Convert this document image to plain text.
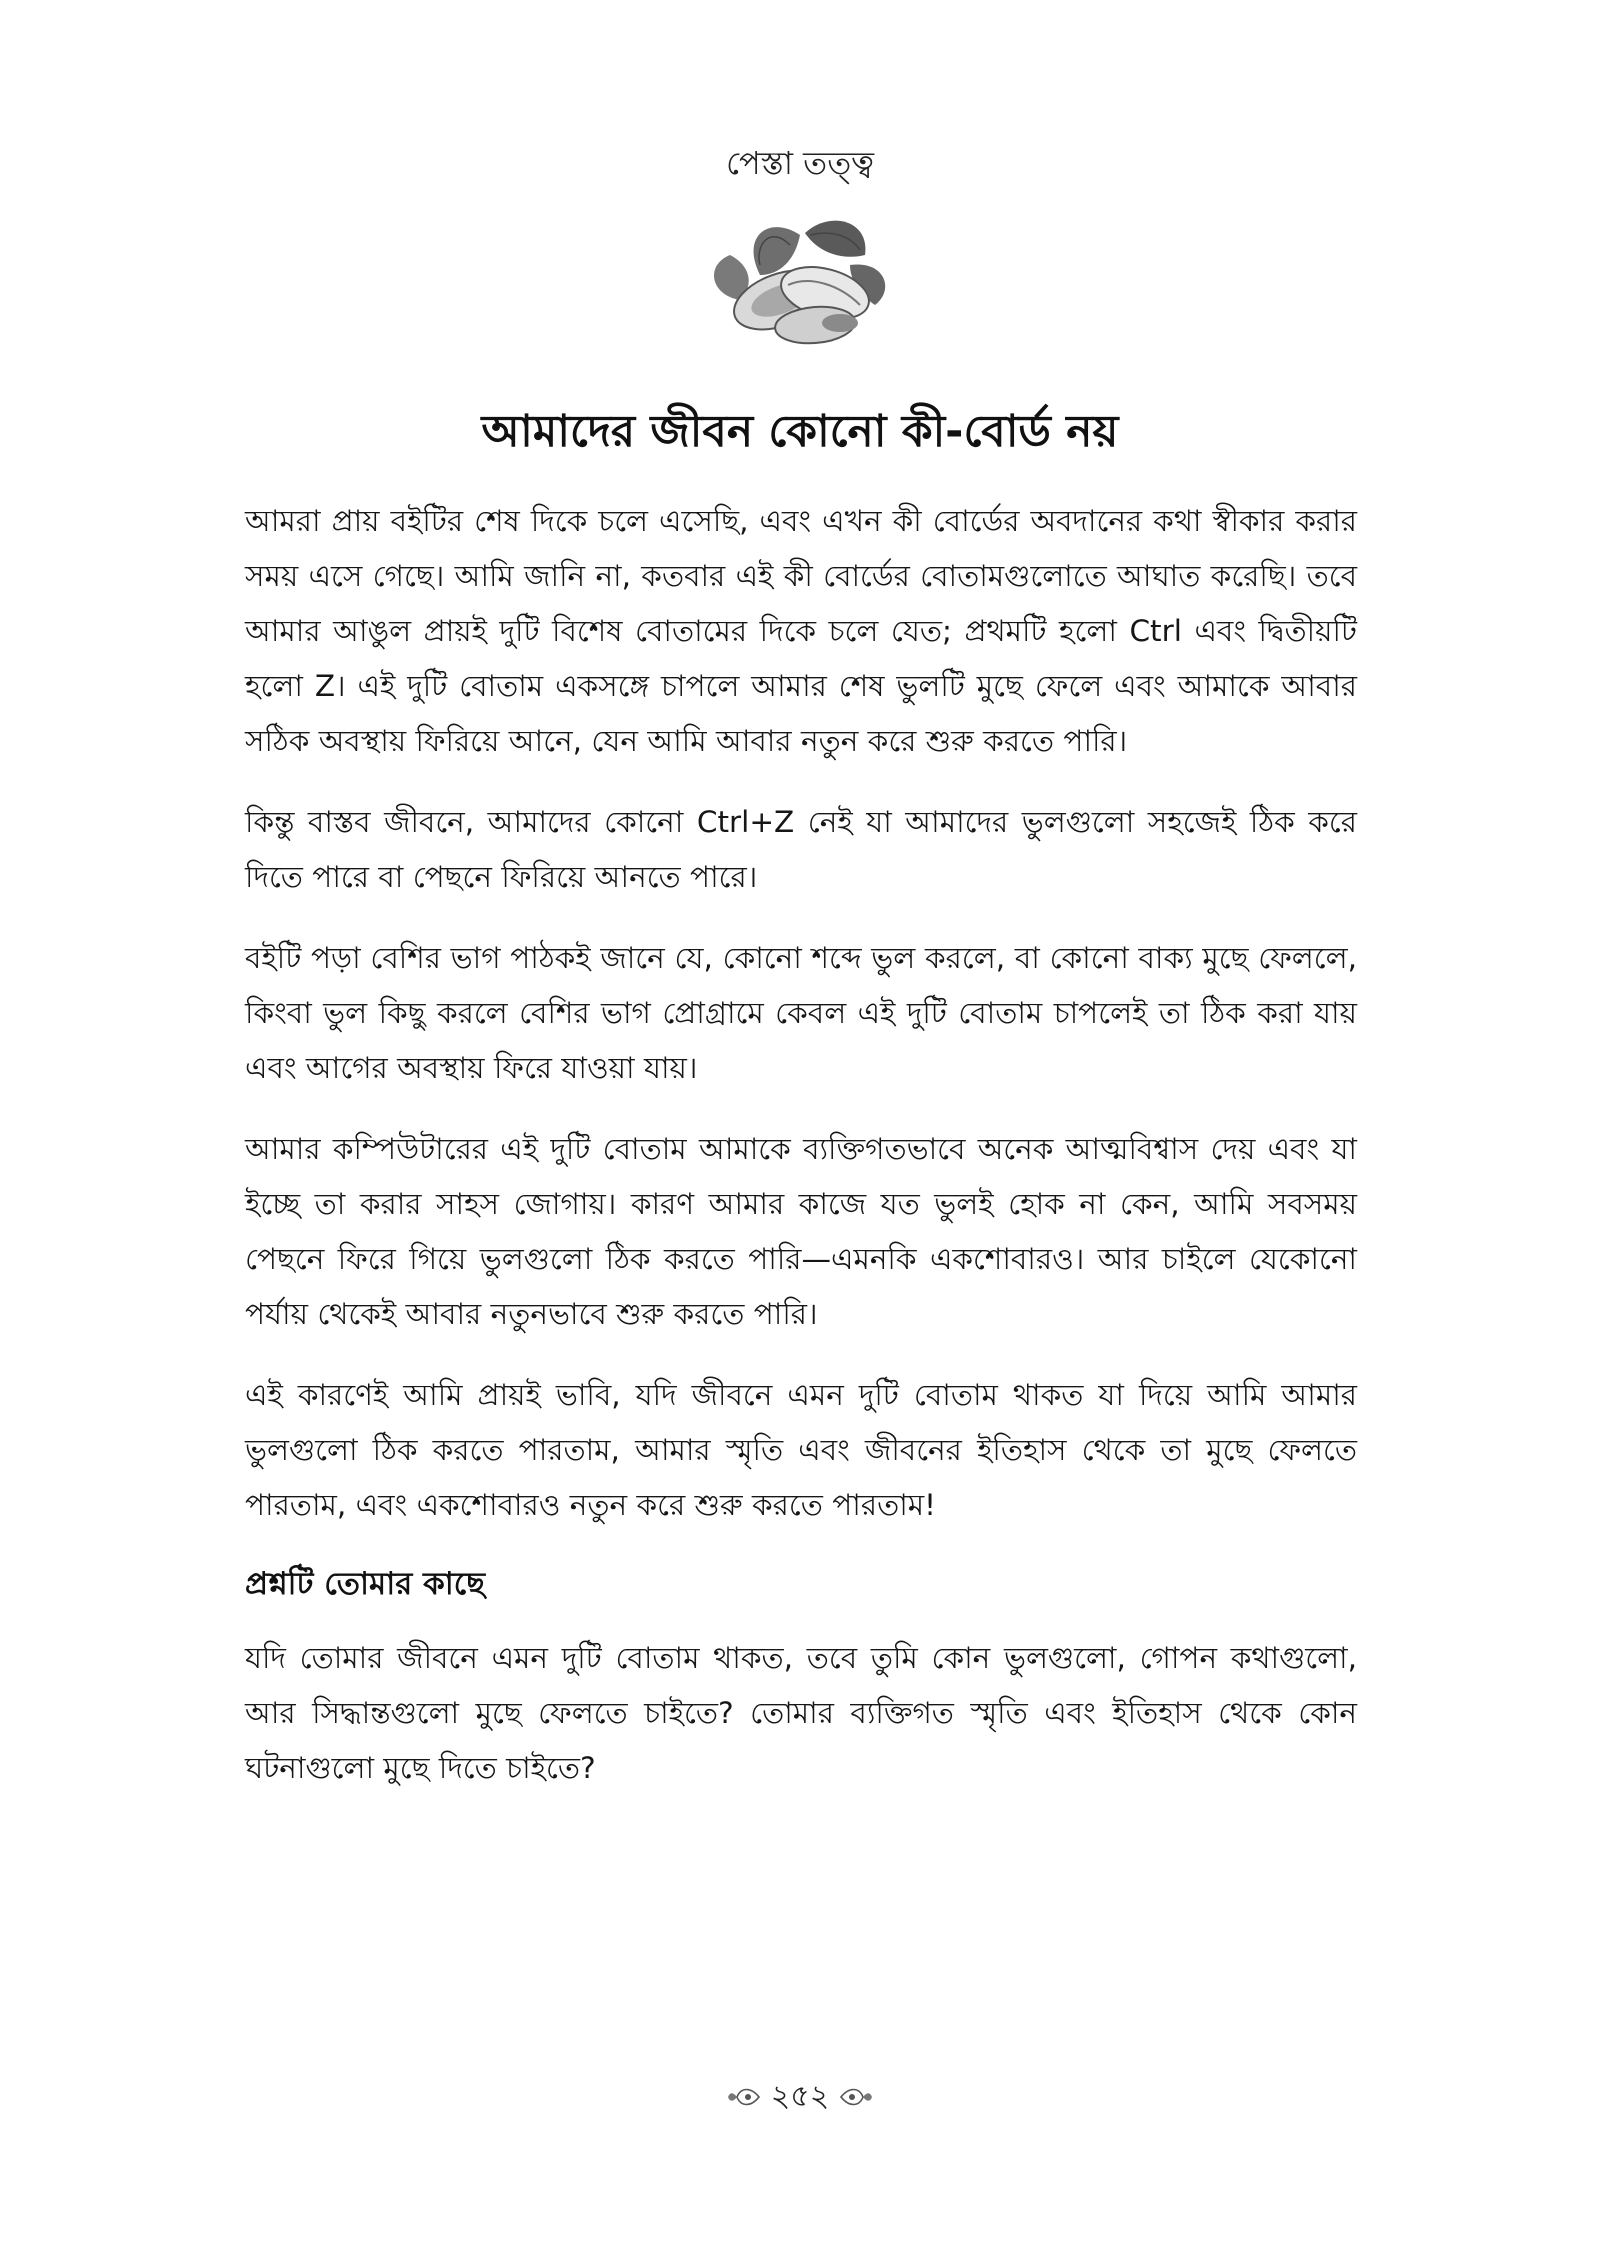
পেস্তা তত্ত্ব
আমাদের জীবন কোনো কী-বোর্ড নয়

আমরা প্রায় বইটির শেষ দিকে চলে এসেছি, এবং এখন কী বোর্ডের অবদানের কথা স্বীকার করার সময় এসে গেছে। আমি জানি না, কতবার এই কী বোর্ডের বোতামগুলোতে আঘাত করেছি। তবে আমার আঙুল প্রায়ই দুটি বিশেষ বোতামের দিকে চলে যেত; প্রথমটি হলো Ctrl এবং দ্বিতীয়টি হলো Z। এই দুটি বোতাম একসঙ্গে চাপলে আমার শেষ ভুলটি মুছে ফেলে এবং আমাকে আবার সঠিক অবস্থায় ফিরিয়ে আনে, যেন আমি আবার নতুন করে শুরু করতে পারি।

কিন্তু বাস্তব জীবনে, আমাদের কোনো Ctrl+Z নেই যা আমাদের ভুলগুলো সহজেই ঠিক করে দিতে পারে বা পেছনে ফিরিয়ে আনতে পারে।

বইটি পড়া বেশির ভাগ পাঠকই জানে যে, কোনো শব্দে ভুল করলে, বা কোনো বাক্য মুছে ফেললে, কিংবা ভুল কিছু করলে বেশির ভাগ প্রোগ্রামে কেবল এই দুটি বোতাম চাপলেই তা ঠিক করা যায় এবং আগের অবস্থায় ফিরে যাওয়া যায়।

আমার কম্পিউটারের এই দুটি বোতাম আমাকে ব্যক্তিগতভাবে অনেক আত্মবিশ্বাস দেয় এবং যা ইচ্ছে তা করার সাহস জোগায়। কারণ আমার কাজে যত ভুলই হোক না কেন, আমি সবসময় পেছনে ফিরে গিয়ে ভুলগুলো ঠিক করতে পারি—এমনকি একশোবারও। আর চাইলে যেকোনো পর্যায় থেকেই আবার নতুনভাবে শুরু করতে পারি।

এই কারণেই আমি প্রায়ই ভাবি, যদি জীবনে এমন দুটি বোতাম থাকত যা দিয়ে আমি আমার ভুলগুলো ঠিক করতে পারতাম, আমার স্মৃতি এবং জীবনের ইতিহাস থেকে তা মুছে ফেলতে পারতাম, এবং একশোবারও নতুন করে শুরু করতে পারতাম!

প্রশ্নটি তোমার কাছে

যদি তোমার জীবনে এমন দুটি বোতাম থাকত, তবে তুমি কোন ভুলগুলো, গোপন কথাগুলো, আর সিদ্ধান্তগুলো মুছে ফেলতে চাইতে? তোমার ব্যক্তিগত স্মৃতি এবং ইতিহাস থেকে কোন ঘটনাগুলো মুছে দিতে চাইতে?

২৫২
